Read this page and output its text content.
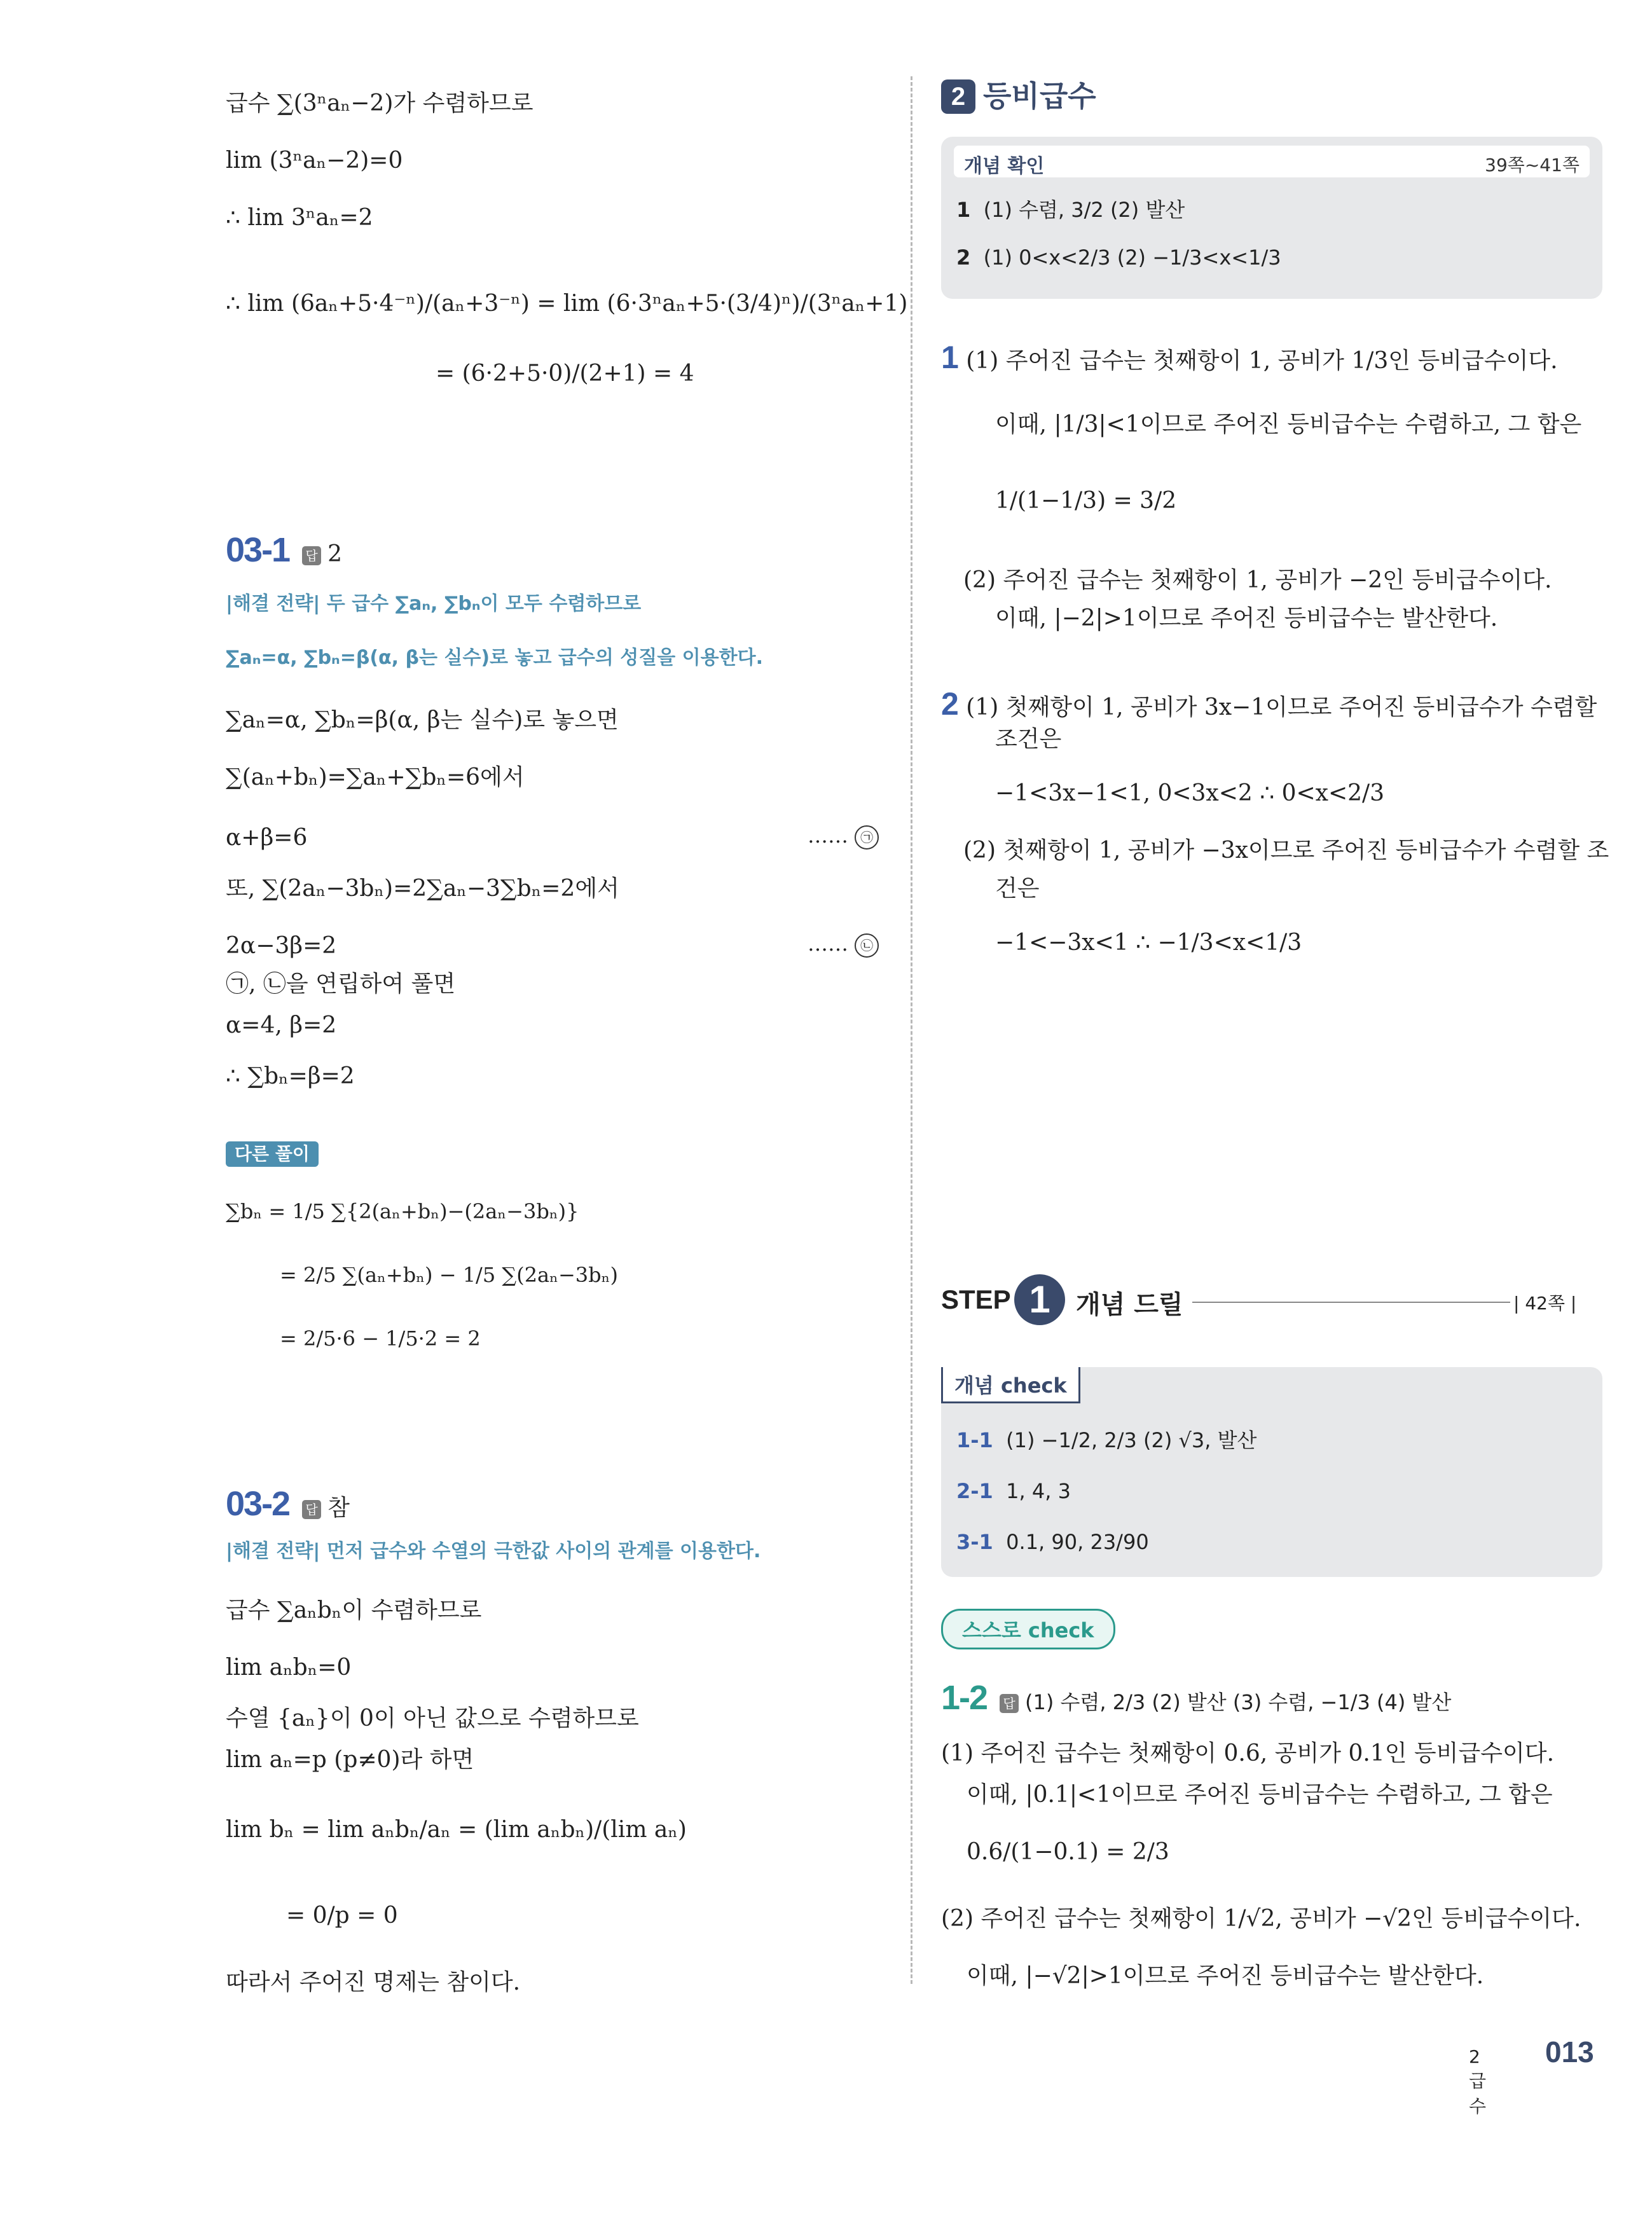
급수 ∑(3ⁿaₙ−2)가 수렴하므로
lim (3ⁿaₙ−2)=0
∴ lim 3ⁿaₙ=2
∴ lim (6aₙ+5·4⁻ⁿ)/(aₙ+3⁻ⁿ) = lim (6·3ⁿaₙ+5·(3/4)ⁿ)/(3ⁿaₙ+1)
= (6·2+5·0)/(2+1) = 4
03-1 답 2
|해결 전략| 두 급수 ∑aₙ, ∑bₙ이 모두 수렴하므로
∑aₙ=α, ∑bₙ=β(α, β는 실수)로 놓고 급수의 성질을 이용한다.
∑aₙ=α, ∑bₙ=β(α, β는 실수)로 놓으면
∑(aₙ+bₙ)=∑aₙ+∑bₙ=6에서
α+β=6	…… ㉠
또, ∑(2aₙ−3bₙ)=2∑aₙ−3∑bₙ=2에서
2α−3β=2	…… ㉡
㉠, ㉡을 연립하여 풀면
α=4, β=2
∴ ∑bₙ=β=2
다른 풀이
∑bₙ = 1/5 ∑{2(aₙ+bₙ)−(2aₙ−3bₙ)}
= 2/5 ∑(aₙ+bₙ) − 1/5 ∑(2aₙ−3bₙ)
= 2/5·6 − 1/5·2 = 2
03-2 답 참
|해결 전략| 먼저 급수와 수열의 극한값 사이의 관계를 이용한다.
급수 ∑aₙbₙ이 수렴하므로
lim aₙbₙ=0
수열 {aₙ}이 0이 아닌 값으로 수렴하므로
lim aₙ=p (p≠0)라 하면
lim bₙ = lim aₙbₙ/aₙ = (lim aₙbₙ)/(lim aₙ)
= 0/p = 0
따라서 주어진 명제는 참이다.
2 등비급수
개념 확인	39쪽~41쪽
1 (1) 수렴, 3/2 (2) 발산
2 (1) 0<x<2/3 (2) −1/3<x<1/3
1 (1) 주어진 급수는 첫째항이 1, 공비가 1/3인 등비급수이다.
이때, |1/3|<1이므로 주어진 등비급수는 수렴하고, 그 합은
1/(1−1/3) = 3/2
(2) 주어진 급수는 첫째항이 1, 공비가 −2인 등비급수이다.
이때, |−2|>1이므로 주어진 등비급수는 발산한다.
2 (1) 첫째항이 1, 공비가 3x−1이므로 주어진 등비급수가 수렴할
조건은
−1<3x−1<1, 0<3x<2 ∴ 0<x<2/3
(2) 첫째항이 1, 공비가 −3x이므로 주어진 등비급수가 수렴할 조
건은
−1<−3x<1 ∴ −1/3<x<1/3
STEP 1	개념 드릴	| 42쪽 |
개념 check
1-1 (1) −1/2, 2/3 (2) √3, 발산
2-1 1, 4, 3
3-1 0.1, 90, 23/90
스스로 check
1-2 답 (1) 수렴, 2/3 (2) 발산 (3) 수렴, −1/3 (4) 발산
(1) 주어진 급수는 첫째항이 0.6, 공비가 0.1인 등비급수이다.
이때, |0.1|<1이므로 주어진 등비급수는 수렴하고, 그 합은
0.6/(1−0.1) = 2/3
(2) 주어진 급수는 첫째항이 1/√2, 공비가 −√2인 등비급수이다.
이때, |−√2|>1이므로 주어진 등비급수는 발산한다.
2 급수
013
